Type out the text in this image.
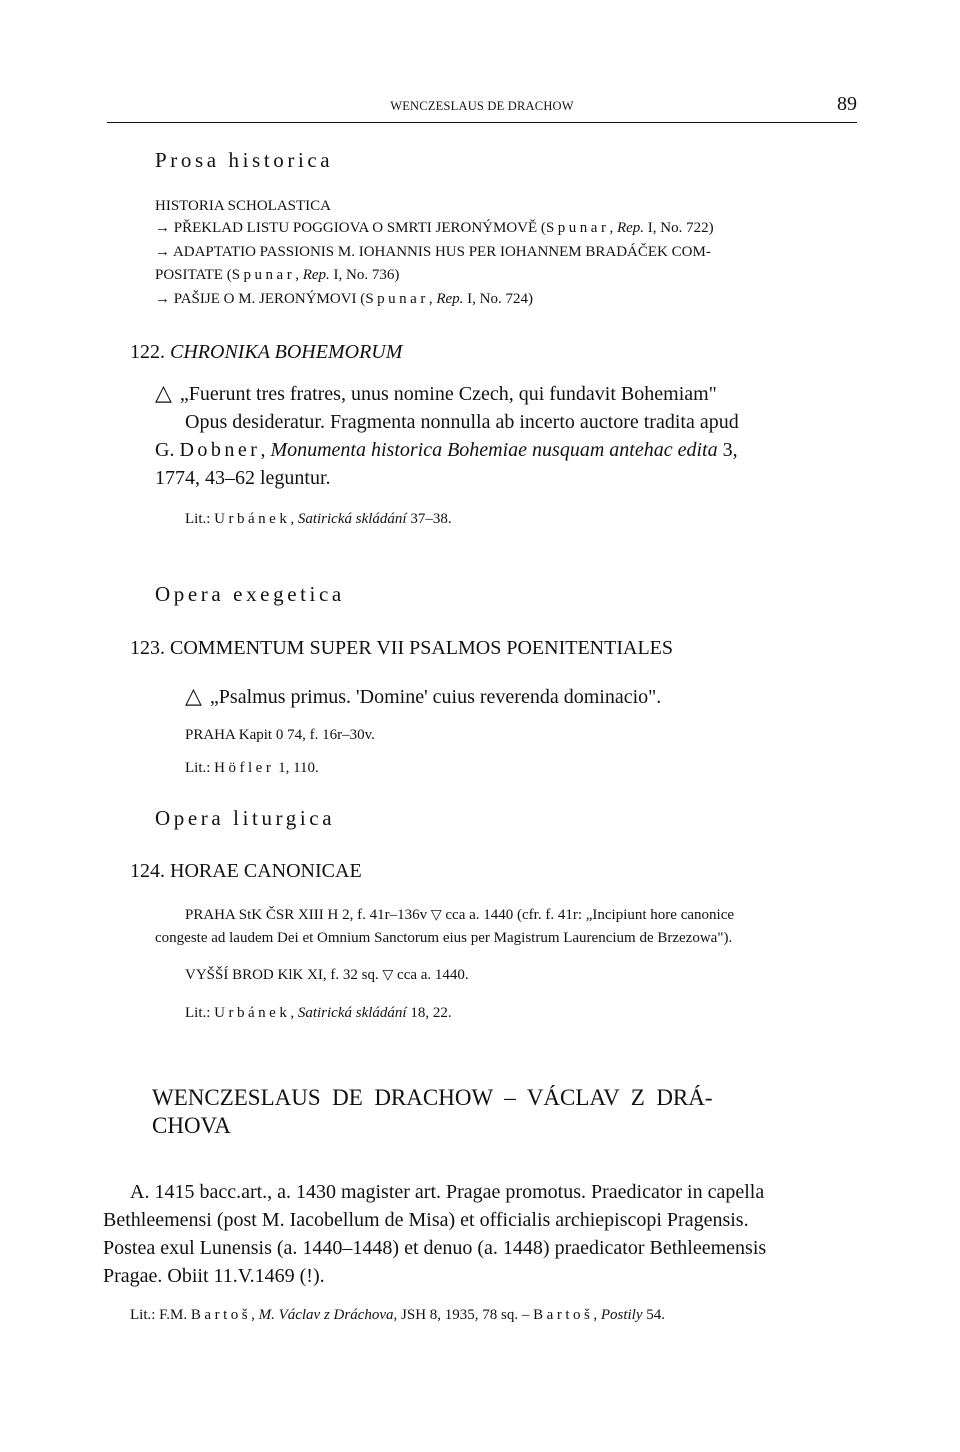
WENCZESLAUS DE DRACHOW	89
Prosa historica
HISTORIA SCHOLASTICA
→ PŘEKLAD LISTU POGGIOVA O SMRTI JERONÝMOVĚ (Spunar, Rep. I, No. 722)
→ ADAPTATIO PASSIONIS M. IOHANNIS HUS PER IOHANNEM BRADÁČEK COM-
POSITATE (Spunar, Rep. I, No. 736)
→ PAŠIJE O M. JERONÝMOVI (Spunar, Rep. I, No. 724)
122. CHRONIKA BOHEMORUM
△ „Fuerunt tres fratres, unus nomine Czech, qui fundavit Bohemiam"
Opus desideratur. Fragmenta nonnulla ab incerto auctore tradita apud
G. Dobner, Monumenta historica Bohemiae nusquam antehac edita 3,
1774, 43–62 leguntur.
Lit.: Urbánek, Satirická skládání 37–38.
Opera exegetica
123. COMMENTUM SUPER VII PSALMOS POENITENTIALES
△ „Psalmus primus. 'Domine' cuius reverenda dominacio".
PRAHA Kapit 0 74, f. 16r–30v.
Lit.: Höfler 1, 110.
Opera liturgica
124. HORAE CANONICAE
PRAHA StK ČSR XIII H 2, f. 41r–136v ▽ cca a. 1440 (cfr. f. 41r: „Incipiunt hore canonice
congeste ad laudem Dei et Omnium Sanctorum eius per Magistrum Laurencium de Brzezowa").
VYŠŠÍ BROD KlK XI, f. 32 sq. ▽ cca a. 1440.
Lit.: Urbánek, Satirická skládání 18, 22.
WENCZESLAUS  DE  DRACHOW  –  VÁCLAV  Z  DRÁ-
CHOVA
A. 1415 bacc.art., a. 1430 magister art. Pragae promotus. Praedicator in capella
Bethleemensi (post M. Iacobellum de Misa) et officialis archiepiscopi Pragensis.
Postea exul Lunensis (a. 1440–1448) et denuo (a. 1448) praedicator Bethleemensis
Pragae. Obiit 11.V.1469 (!).
Lit.: F.M. Bartoš, M. Václav z Dráchova, JSH 8, 1935, 78 sq. – Bartoš, Postily 54.
